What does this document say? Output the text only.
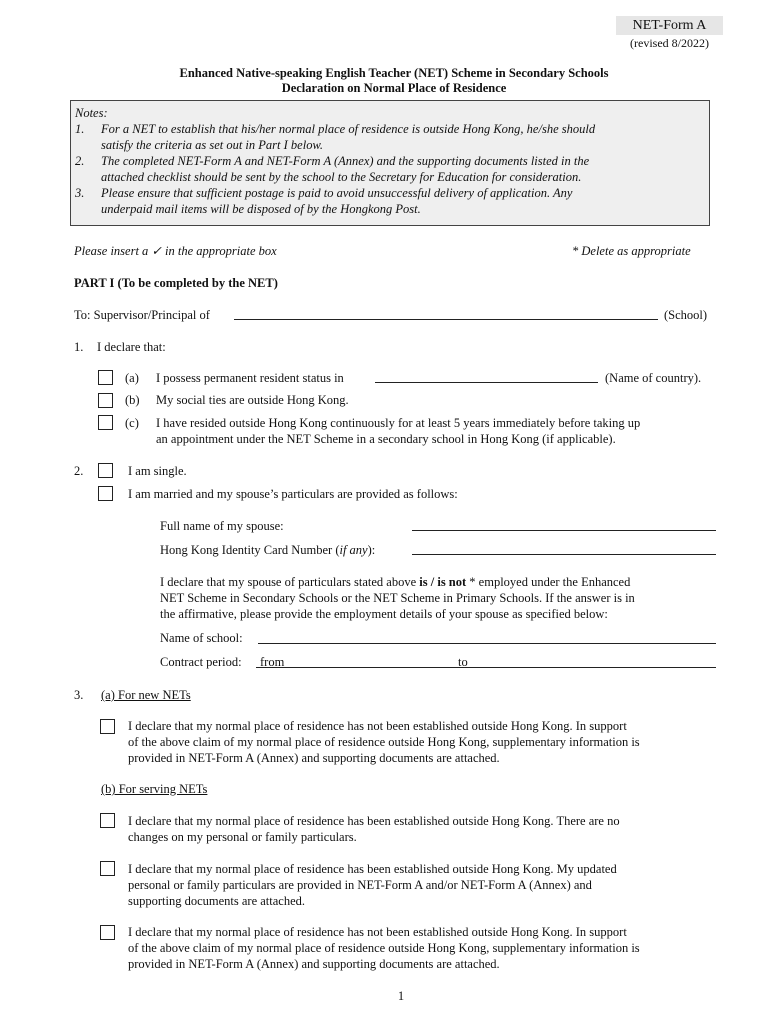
NET-Form A
(revised 8/2022)
Enhanced Native-speaking English Teacher (NET) Scheme in Secondary Schools
Declaration on Normal Place of Residence
Notes:
1. For a NET to establish that his/her normal place of residence is outside Hong Kong, he/she should
satisfy the criteria as set out in Part I below.
2. The completed NET-Form A and NET-Form A (Annex) and the supporting documents listed in the
attached checklist should be sent by the school to the Secretary for Education for consideration.
3. Please ensure that sufficient postage is paid to avoid unsuccessful delivery of application. Any
underpaid mail items will be disposed of by the Hongkong Post.
Please insert a ✓ in the appropriate box	* Delete as appropriate
PART I (To be completed by the NET)
To: Supervisor/Principal of	(School)
1. I declare that:
(a) I possess permanent resident status in	(Name of country).
(b) My social ties are outside Hong Kong.
(c) I have resided outside Hong Kong continuously for at least 5 years immediately before taking up
an appointment under the NET Scheme in a secondary school in Hong Kong (if applicable).
2.	I am single.
I am married and my spouse’s particulars are provided as follows:
Full name of my spouse:
Hong Kong Identity Card Number (if any):
I declare that my spouse of particulars stated above is / is not * employed under the Enhanced
NET Scheme in Secondary Schools or the NET Scheme in Primary Schools. If the answer is in
the affirmative, please provide the employment details of your spouse as specified below:
Name of school:
Contract period: from	to
3. (a) For new NETs
I declare that my normal place of residence has not been established outside Hong Kong. In support
of the above claim of my normal place of residence outside Hong Kong, supplementary information is
provided in NET-Form A (Annex) and supporting documents are attached.
(b) For serving NETs
I declare that my normal place of residence has been established outside Hong Kong. There are no
changes on my personal or family particulars.
I declare that my normal place of residence has been established outside Hong Kong. My updated
personal or family particulars are provided in NET-Form A and/or NET-Form A (Annex) and
supporting documents are attached.
I declare that my normal place of residence has not been established outside Hong Kong. In support
of the above claim of my normal place of residence outside Hong Kong, supplementary information is
provided in NET-Form A (Annex) and supporting documents are attached.
1
